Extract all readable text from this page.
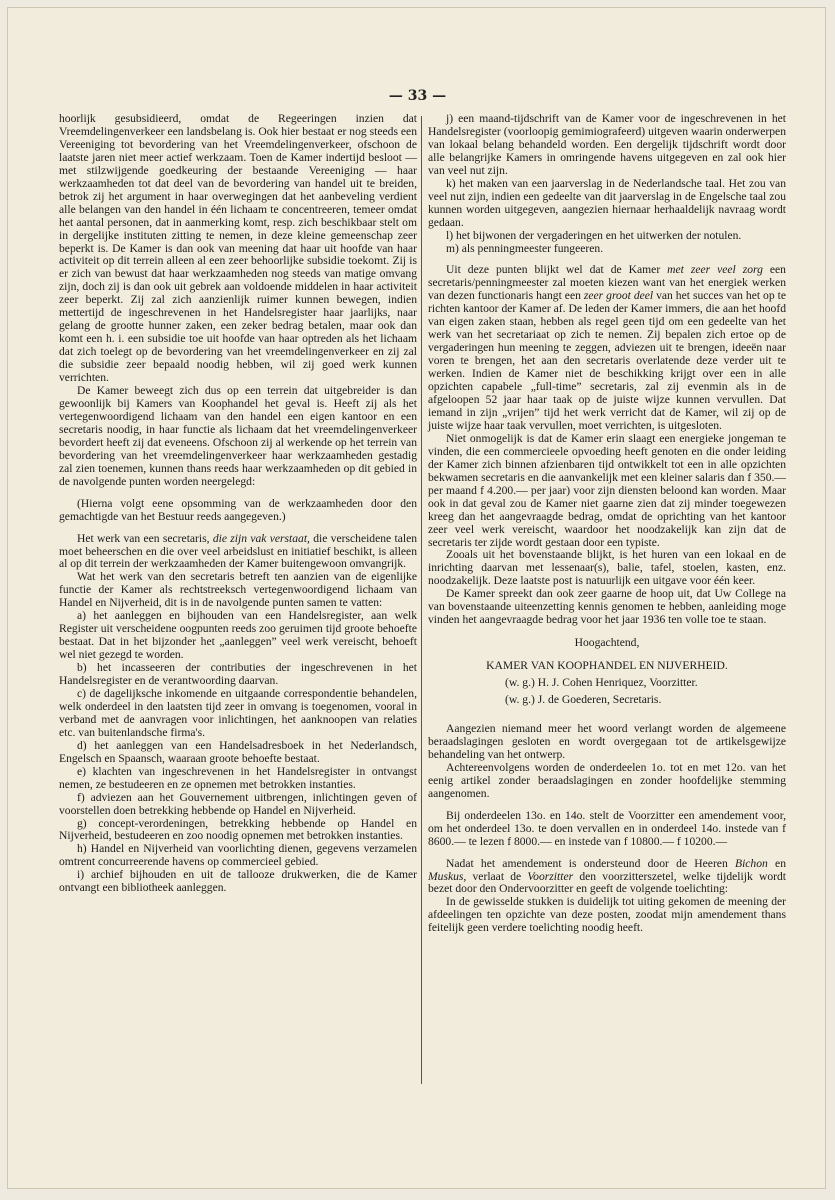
— 33 —

hoorlijk gesubsidieerd, omdat de Regeeringen inzien dat Vreemdelingenverkeer een landsbelang is. Ook hier bestaat er nog steeds een Vereeniging tot bevordering van het Vreemdelingenverkeer, ofschoon de laatste jaren niet meer actief werkzaam. Toen de Kamer indertijd besloot — met stilzwijgende goedkeuring der bestaande Vereeniging — haar werkzaamheden tot dat deel van de bevordering van handel uit te breiden, betrok zij het argument in haar overwegingen dat het aanbeveling verdient alle belangen van den handel in één lichaam te concentreeren, temeer omdat het aantal personen, dat in aanmerking komt, resp. zich beschikbaar stelt om in dergelijke instituten zitting te nemen, in deze kleine gemeenschap zeer beperkt is. De Kamer is dan ook van meening dat haar uit hoofde van haar activiteit op dit terrein alleen al een zeer behoorlijke subsidie toekomt. Zij is er zich van bewust dat haar werkzaamheden nog steeds van matige omvang zijn, doch zij is dan ook uit gebrek aan voldoende middelen in haar activiteit zeer beperkt. Zij zal zich aanzienlijk ruimer kunnen bewegen, indien mettertijd de ingeschrevenen in het Handelsregister haar jaarlijks, naar gelang de grootte hunner zaken, een zeker bedrag betalen, maar ook dan komt een h. i. een subsidie toe uit hoofde van haar optreden als het lichaam dat zich toelegt op de bevordering van het vreemdelingenverkeer en zij zal die subsidie zeer bepaald noodig hebben, wil zij goed werk kunnen verrichten.

De Kamer beweegt zich dus op een terrein dat uitgebreider is dan gewoonlijk bij Kamers van Koophandel het geval is. Heeft zij als het vertegenwoordigend lichaam van den handel een eigen kantoor en een secretaris noodig, in haar functie als lichaam dat het vreemdelingenverkeer bevordert heeft zij dat eveneens. Ofschoon zij al werkende op het terrein van bevordering van het vreemdelingenverkeer haar werkzaamheden gestadig zal zien toenemen, kunnen thans reeds haar werkzaamheden op dit gebied in de navolgende punten worden neergelegd:

(Hierna volgt eene opsomming van de werkzaamheden door den gemachtigde van het Bestuur reeds aangegeven.)

Het werk van een secretaris, die zijn vak verstaat, die verscheidene talen moet beheerschen en die over veel arbeidslust en initiatief beschikt, is alleen al op dit terrein der werkzaamheden der Kamer buitengewoon omvangrijk.

Wat het werk van den secretaris betreft ten aanzien van de eigenlijke functie der Kamer als rechtstreeksch vertegenwoordigend lichaam van Handel en Nijverheid, dit is in de navolgende punten samen te vatten:

a) het aanleggen en bijhouden van een Handelsregister, aan welk Register uit verscheidene oogpunten reeds zoo geruimen tijd groote behoefte bestaat. Dat in het bijzonder het „aanleggen” veel werk vereischt, behoeft wel niet gezegd te worden.

b) het incasseeren der contributies der ingeschrevenen in het Handelsregister en de verantwoording daarvan.

c) de dagelijksche inkomende en uitgaande correspondentie behandelen, welk onderdeel in den laatsten tijd zeer in omvang is toegenomen, vooral in verband met de aanvragen voor inlichtingen, het aanknoopen van relaties etc. van buitenlandsche firma's.

d) het aanleggen van een Handelsadresboek in het Nederlandsch, Engelsch en Spaansch, waaraan groote behoefte bestaat.

e) klachten van ingeschrevenen in het Handelsregister in ontvangst nemen, ze bestudeeren en ze opnemen met betrokken instanties.

f) adviezen aan het Gouvernement uitbrengen, inlichtingen geven of voorstellen doen betrekking hebbende op Handel en Nijverheid.

g) concept-verordeningen, betrekking hebbende op Handel en Nijverheid, bestudeeren en zoo noodig opnemen met betrokken instanties.

h) Handel en Nijverheid van voorlichting dienen, gegevens verzamelen omtrent concurreerende havens op commercieel gebied.

i) archief bijhouden en uit de tallooze drukwerken, die de Kamer ontvangt een bibliotheek aanleggen.

j) een maand-tijdschrift van de Kamer voor de ingeschrevenen in het Handelsregister (voorloopig gemimiografeerd) uitgeven waarin onderwerpen van lokaal belang behandeld worden. Een dergelijk tijdschrift wordt door alle belangrijke Kamers in omringende havens uitgegeven en zal ook hier van veel nut zijn.

k) het maken van een jaarverslag in de Nederlandsche taal. Het zou van veel nut zijn, indien een gedeelte van dit jaarverslag in de Engelsche taal zou kunnen worden uitgegeven, aangezien hiernaar herhaaldelijk navraag wordt gedaan.

l) het bijwonen der vergaderingen en het uitwerken der notulen.

m) als penningmeester fungeeren.

Uit deze punten blijkt wel dat de Kamer met zeer veel zorg een secretaris/penningmeester zal moeten kiezen want van het energiek werken van dezen functionaris hangt een zeer groot deel van het succes van het op te richten kantoor der Kamer af. De leden der Kamer immers, die aan het hoofd van eigen zaken staan, hebben als regel geen tijd om een gedeelte van het werk van het secretariaat op zich te nemen. Zij bepalen zich ertoe op de vergaderingen hun meening te zeggen, adviezen uit te brengen, ideeën naar voren te brengen, het aan den secretaris overlatende deze verder uit te werken. Indien de Kamer niet de beschikking krijgt over een in alle opzichten capabele „full-time” secretaris, zal zij evenmin als in de afgeloopen 52 jaar haar taak op de juiste wijze kunnen vervullen. Dat iemand in zijn „vrijen” tijd het werk verricht dat de Kamer, wil zij op de juiste wijze haar taak vervullen, moet verrichten, is uitgesloten.

Niet onmogelijk is dat de Kamer erin slaagt een energieke jongeman te vinden, die een commercieele opvoeding heeft genoten en die onder leiding der Kamer zich binnen afzienbaren tijd ontwikkelt tot een in alle opzichten bekwamen secretaris en die aanvankelijk met een kleiner salaris dan f 350.— per maand f 4.200.— per jaar) voor zijn diensten beloond kan worden. Maar ook in dat geval zou de Kamer niet gaarne zien dat zij minder toegewezen kreeg dan het aangevraagde bedrag, omdat de oprichting van het kantoor zeer veel werk vereischt, waardoor het noodzakelijk kan zijn dat de secretaris ter zijde wordt gestaan door een typiste.

Zooals uit het bovenstaande blijkt, is het huren van een lokaal en de inrichting daarvan met lessenaar(s), balie, tafel, stoelen, kasten, enz. noodzakelijk. Deze laatste post is natuurlijk een uitgave voor één keer.

De Kamer spreekt dan ook zeer gaarne de hoop uit, dat Uw College na van bovenstaande uiteenzetting kennis genomen te hebben, aanleiding moge vinden het aangevraagde bedrag voor het jaar 1936 ten volle toe te staan.

Hoogachtend,

KAMER VAN KOOPHANDEL EN NIJVERHEID.

(w. g.) H. J. Cohen Henriquez, Voorzitter.

(w. g.) J. de Goederen, Secretaris.

Aangezien niemand meer het woord verlangt worden de algemeene beraadslagingen gesloten en wordt overgegaan tot de artikelsgewijze behandeling van het ontwerp.

Achtereenvolgens worden de onderdeelen 1o. tot en met 12o. van het eenig artikel zonder beraadslagingen en zonder hoofdelijke stemming aangenomen.

Bij onderdeelen 13o. en 14o. stelt de Voorzitter een amendement voor, om het onderdeel 13o. te doen vervallen en in onderdeel 14o. instede van f 8600.— te lezen f 8000.— en instede van f 10800.— f 10200.—

Nadat het amendement is ondersteund door de Heeren Bichon en Muskus, verlaat de Voorzitter den voorzitterszetel, welke tijdelijk wordt bezet door den Ondervoorzitter en geeft de volgende toelichting:

In de gewisselde stukken is duidelijk tot uiting gekomen de meening der afdeelingen ten opzichte van deze posten, zoodat mijn amendement thans feitelijk geen verdere toelichting noodig heeft.
